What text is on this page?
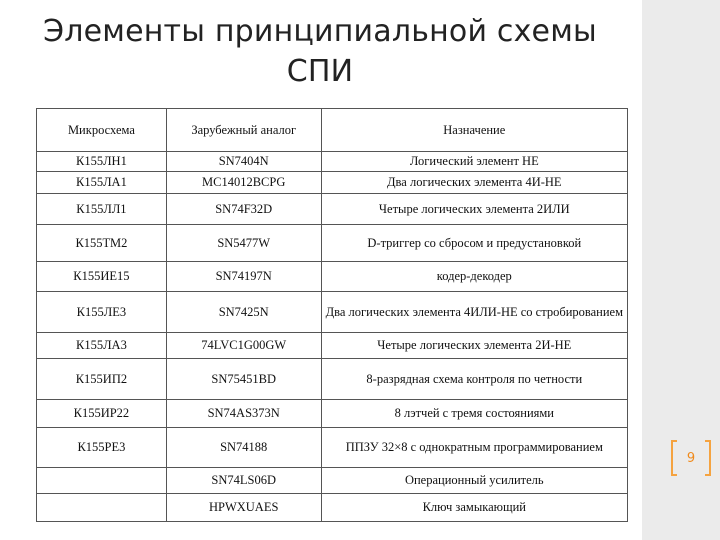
Элементы принципиальной схемы
СПИ
Микросхема	Зарубежный аналог	Назначение
К155ЛН1	SN7404N	Логический элемент НЕ
К155ЛА1	MC14012BCPG	Два логических элемента 4И-НЕ
К155ЛЛ1	SN74F32D	Четыре логических элемента 2ИЛИ
К155ТМ2	SN5477W	D-триггер со сбросом и предустановкой
К155ИЕ15	SN74197N	кодер-декодер
К155ЛЕ3	SN7425N	Два логических элемента 4ИЛИ-НЕ со стробированием
К155ЛА3	74LVC1G00GW	Четыре логических элемента 2И-НЕ
К155ИП2	SN75451BD	8-разрядная схема контроля по четности
К155ИР22	SN74AS373N	8 лэтчей с тремя состояниями
К155РЕ3	SN74188	ППЗУ 32×8 с однократным программированием
	SN74LS06D	Операционный усилитель
	HPWXUAES	Ключ замыкающий
9
